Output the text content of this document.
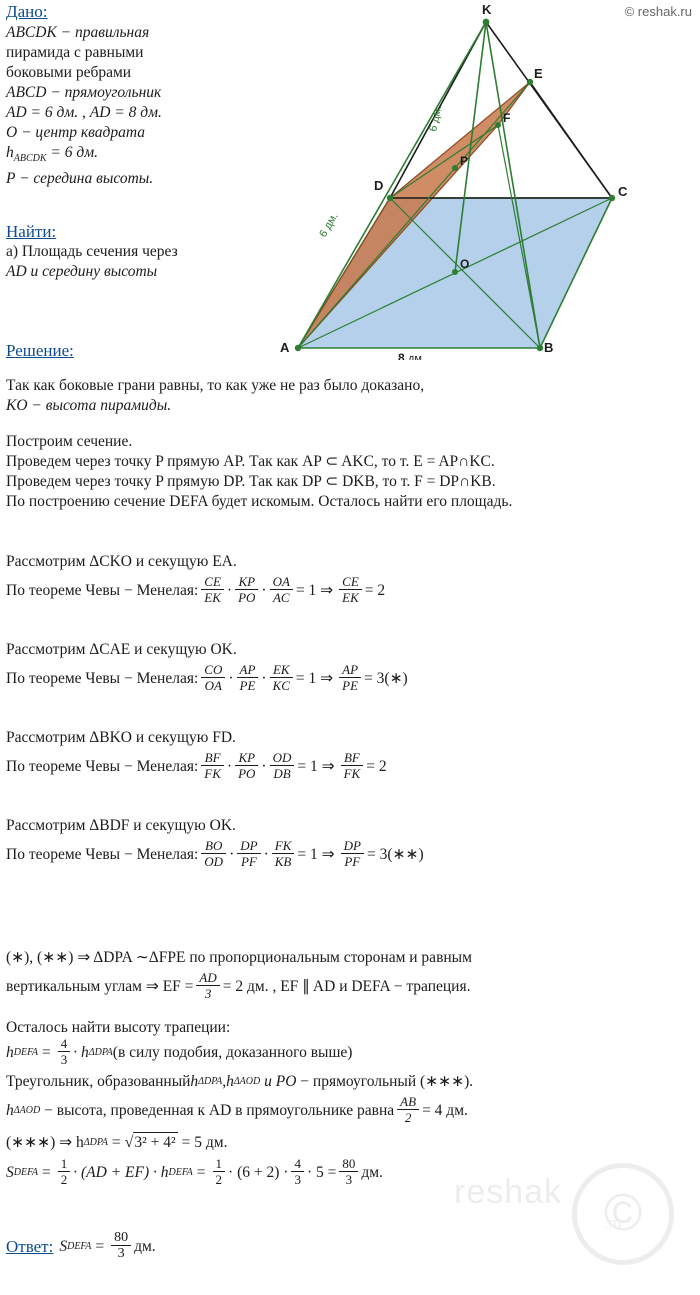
© reshak.ru
Дано:
ABCDK − правильная
пирамида с равными
боковыми ребрами
ABCD − прямоугольник
AD = 6 дм. , AD = 8 дм.
O − центр квадрата
$h_{ABCDK} = 6$ дм.
P − середина высоты.
Найти:
а) Площадь сечения через
AD и середину высоты
Решение:
K
E
F
C
D
P
O
A	B
6 дм.
6 дм.
8 дм.
Так как боковые грани равны, то как уже не раз было доказано,
KO − высота пирамиды.
Построим сечение.
Проведем через точку P прямую AP. Так как AP ⊂ AKC, то т. E = AP∩KC.
Проведем через точку P прямую DP. Так как DP ⊂ DKB, то т. F = DP∩KB.
По построению сечение DEFA будет искомым. Осталось найти его площадь.
Рассмотрим ΔCKO и секущую EA.
По теореме Чевы − Менелая: $\frac{CE}{EK} \cdot \frac{KP}{PO} \cdot \frac{OA}{AC} = 1$ ⇒ $\frac{CE}{EK} = 2$
Рассмотрим ΔCAE и секущую OK.
По теореме Чевы − Менелая: $\frac{CO}{OA} \cdot \frac{AP}{PE} \cdot \frac{EK}{KC} = 1$ ⇒ $\frac{AP}{PE}$ = 3(∗)
Рассмотрим ΔBKO и секущую FD.
По теореме Чевы − Менелая: $\frac{BF}{FK} \cdot \frac{KP}{PO} \cdot \frac{OD}{DB} = 1$ ⇒ $\frac{BF}{FK} = 2$
Рассмотрим ΔBDF и секущую OK.
По теореме Чевы − Менелая: $\frac{BO}{OD} \cdot \frac{DP}{PF} \cdot \frac{FK}{KB} = 1$ ⇒ $\frac{DP}{PF}$ = 3(∗∗)
(∗), (∗∗) ⇒ ΔDPA ∼ΔFPE по пропорциональным сторонам и равным
вертикальным углам ⇒ EF = $\frac{AD}{3} = 2$ дм. , EF ∥ AD и DEFA − трапеция.
Осталось найти высоту трапеции:
h DEFA = $\frac{4}{3} \cdot h$ ΔDPA (в силу подобия, доказанного выше)
Треугольник, образованный h ΔDPA , h ΔAOD и PO − прямоугольный (∗∗∗).
h ΔAOD − высота, проведенная к AD в прямоугольнике равна $\frac{AB}{2} = 4$ дм.
(∗∗∗) ⇒ h ΔDPA = √ 3² + 4² = 5 дм.
S DEFA = $\frac{1}{2} \cdot (AD + EF) \cdot h$ DEFA = $\frac{1}{2} \cdot (6 + 2) \cdot \frac{4}{3} \cdot 5 = \frac{80}{3}$ дм.
Ответ: S DEFA = $\frac{80}{3}$ дм.
reshak
©
.ru
